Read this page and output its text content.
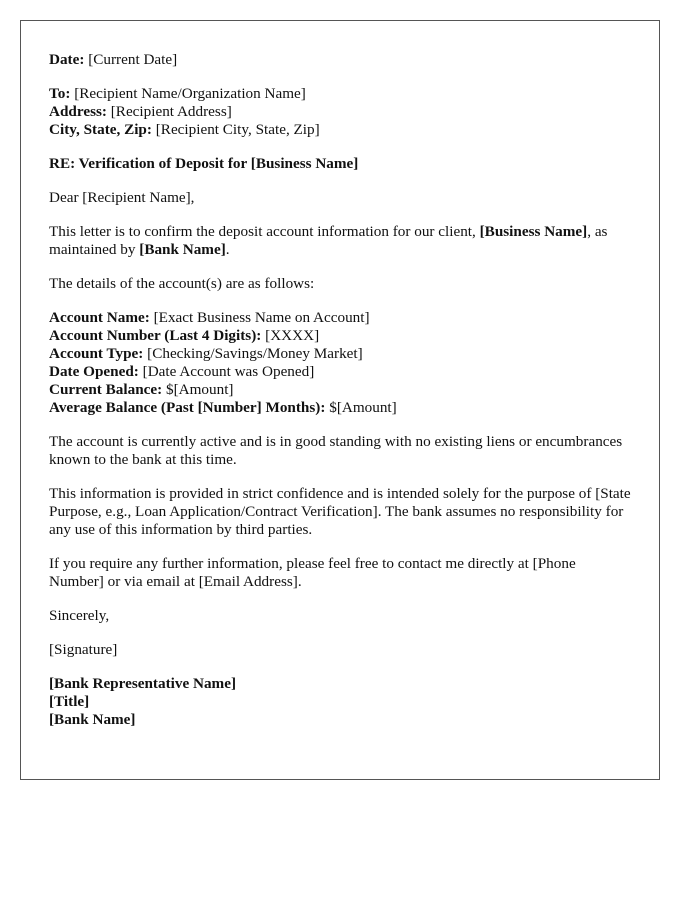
Date: [Current Date]
To: [Recipient Name/Organization Name]
Address: [Recipient Address]
City, State, Zip: [Recipient City, State, Zip]
RE: Verification of Deposit for [Business Name]
Dear [Recipient Name],
This letter is to confirm the deposit account information for our client, [Business Name], as maintained by [Bank Name].
The details of the account(s) are as follows:
Account Name: [Exact Business Name on Account]
Account Number (Last 4 Digits): [XXXX]
Account Type: [Checking/Savings/Money Market]
Date Opened: [Date Account was Opened]
Current Balance: $[Amount]
Average Balance (Past [Number] Months): $[Amount]
The account is currently active and is in good standing with no existing liens or encumbrances known to the bank at this time.
This information is provided in strict confidence and is intended solely for the purpose of [State Purpose, e.g., Loan Application/Contract Verification]. The bank assumes no responsibility for any use of this information by third parties.
If you require any further information, please feel free to contact me directly at [Phone Number] or via email at [Email Address].
Sincerely,
[Signature]
[Bank Representative Name]
[Title]
[Bank Name]
